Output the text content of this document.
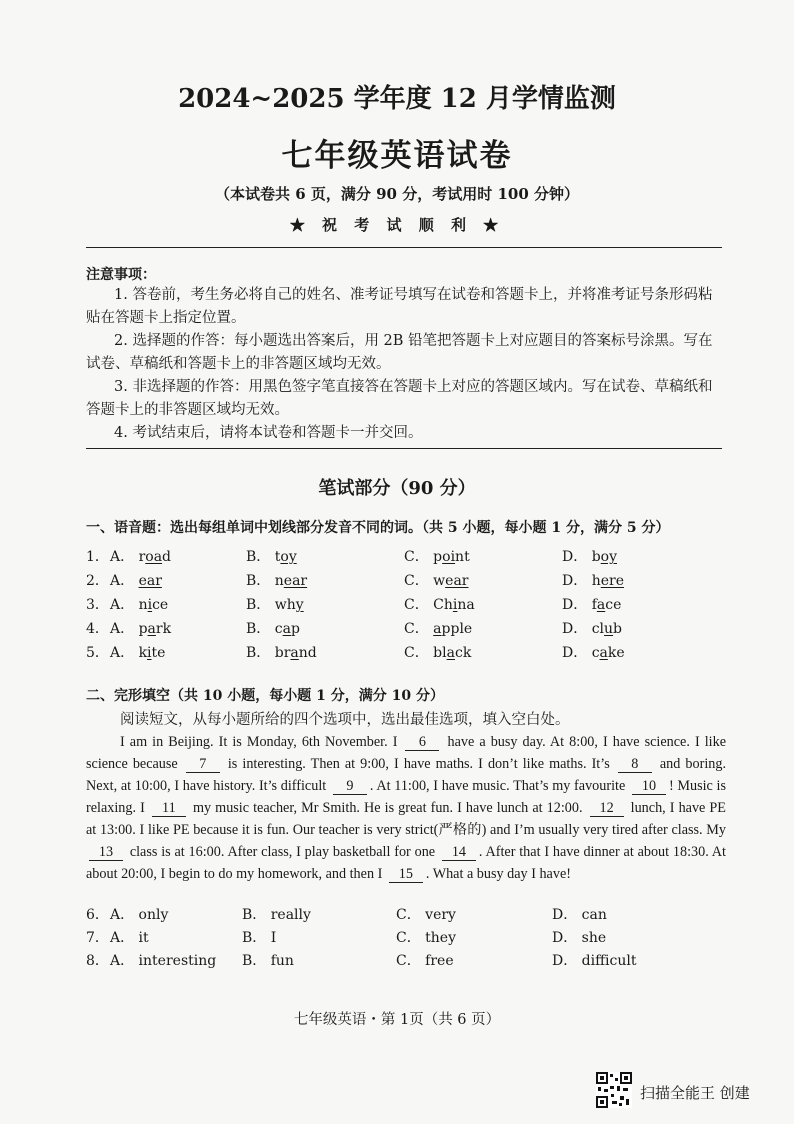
2024~2025 学年度 12 月学情监测
七年级英语试卷
（本试卷共 6 页，满分 90 分，考试用时 100 分钟）
★ 祝 考 试 顺 利 ★
注意事项：
1. 答卷前，考生务必将自己的姓名、准考证号填写在试卷和答题卡上，并将准考证号条形码粘贴在答题卡上指定位置。
2. 选择题的作答：每小题选出答案后，用 2B 铅笔把答题卡上对应题目的答案标号涂黑。写在试卷、草稿纸和答题卡上的非答题区域均无效。
3. 非选择题的作答：用黑色签字笔直接答在答题卡上对应的答题区域内。写在试卷、草稿纸和答题卡上的非答题区域均无效。
4. 考试结束后，请将本试卷和答题卡一并交回。
笔试部分（90 分）
一、语音题：选出每组单词中划线部分发音不同的词。（共 5 小题，每小题 1 分，满分 5 分）
1． A． road	B． toy	C． point	D． boy
2． A． ear	B． near	C． wear	D． here
3． A． nice	B． why	C． China	D． face
4． A． park	B． cap	C． apple	D． club
5． A． kite	B． brand	C． black	D． cake
二、完形填空（共 10 小题，每小题 1 分，满分 10 分）
阅读短文，从每小题所给的四个选项中，选出最佳选项，填入空白处。
I am in Beijing. It is Monday, 6th November. I 6 have a busy day. At 8:00, I have science. I like science because 7 is interesting. Then at 9:00, I have maths. I don’t like maths. It’s 8 and boring. Next, at 10:00, I have history. It’s difficult 9 . At 11:00, I have music. That’s my favourite 10 ! Music is relaxing. I 11 my music teacher, Mr Smith. He is great fun. I have lunch at 12:00. 12 lunch, I have PE at 13:00. I like PE because it is fun. Our teacher is very strict(严格的) and I’m usually very tired after class. My 13 class is at 16:00. After class, I play basketball for one 14 . After that I have dinner at about 18:30. At about 20:00, I begin to do my homework, and then I 15 . What a busy day I have!
6． A． only	B． really	C． very	D． can
7． A． it	B． I	C． they	D． she
8． A． interesting B． fun	C． free	D． difficult
七年级英语・第 1页（共 6 页）
扫描全能王 创建
